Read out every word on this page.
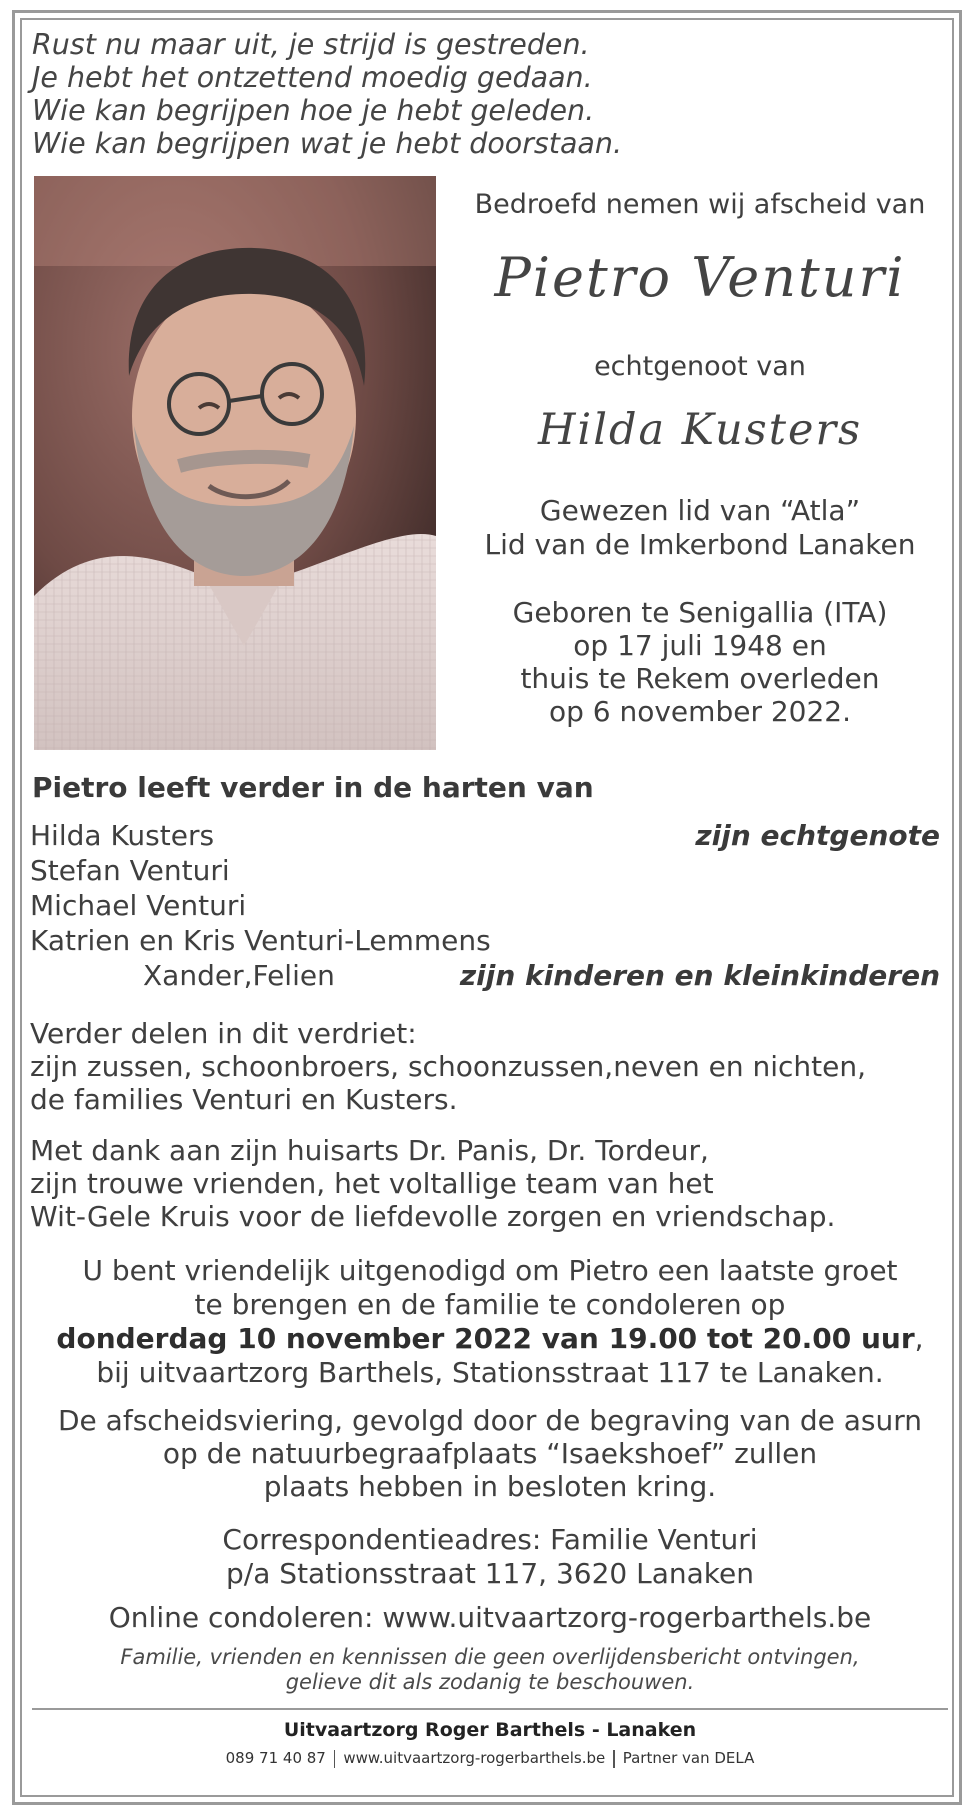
Rust nu maar uit, je strijd is gestreden.
Je hebt het ontzettend moedig gedaan.
Wie kan begrijpen hoe je hebt geleden.
Wie kan begrijpen wat je hebt doorstaan.
Bedroefd nemen wij afscheid van
Pietro Venturi
echtgenoot van
Hilda Kusters
Gewezen lid van “Atla”
Lid van de Imkerbond Lanaken
Geboren te Senigallia (ITA)
op 17 juli 1948 en
thuis te Rekem overleden
op 6 november 2022.
Pietro leeft verder in de harten van
Hilda Kusters	zijn echtgenote
Stefan Venturi
Michael Venturi
Katrien en Kris Venturi-Lemmens
Xander,Felien	zijn kinderen en kleinkinderen
Verder delen in dit verdriet:
zijn zussen, schoonbroers, schoonzussen,neven en nichten,
de families Venturi en Kusters.
Met dank aan zijn huisarts Dr. Panis, Dr. Tordeur,
zijn trouwe vrienden, het voltallige team van het
Wit-Gele Kruis voor de liefdevolle zorgen en vriendschap.
U bent vriendelijk uitgenodigd om Pietro een laatste groet
te brengen en de familie te condoleren op
donderdag 10 november 2022 van 19.00 tot 20.00 uur,
bij uitvaartzorg Barthels, Stationsstraat 117 te Lanaken.
De afscheidsviering, gevolgd door de begraving van de asurn
op de natuurbegraafplaats “Isaekshoef” zullen
plaats hebben in besloten kring.
Correspondentieadres: Familie Venturi
p/a Stationsstraat 117, 3620 Lanaken
Online condoleren: www.uitvaartzorg-rogerbarthels.be
Familie, vrienden en kennissen die geen overlijdensbericht ontvingen,
gelieve dit als zodanig te beschouwen.
Uitvaartzorg Roger Barthels - Lanaken
089 71 40 87 www.uitvaartzorg-rogerbarthels.be Partner van DELA
